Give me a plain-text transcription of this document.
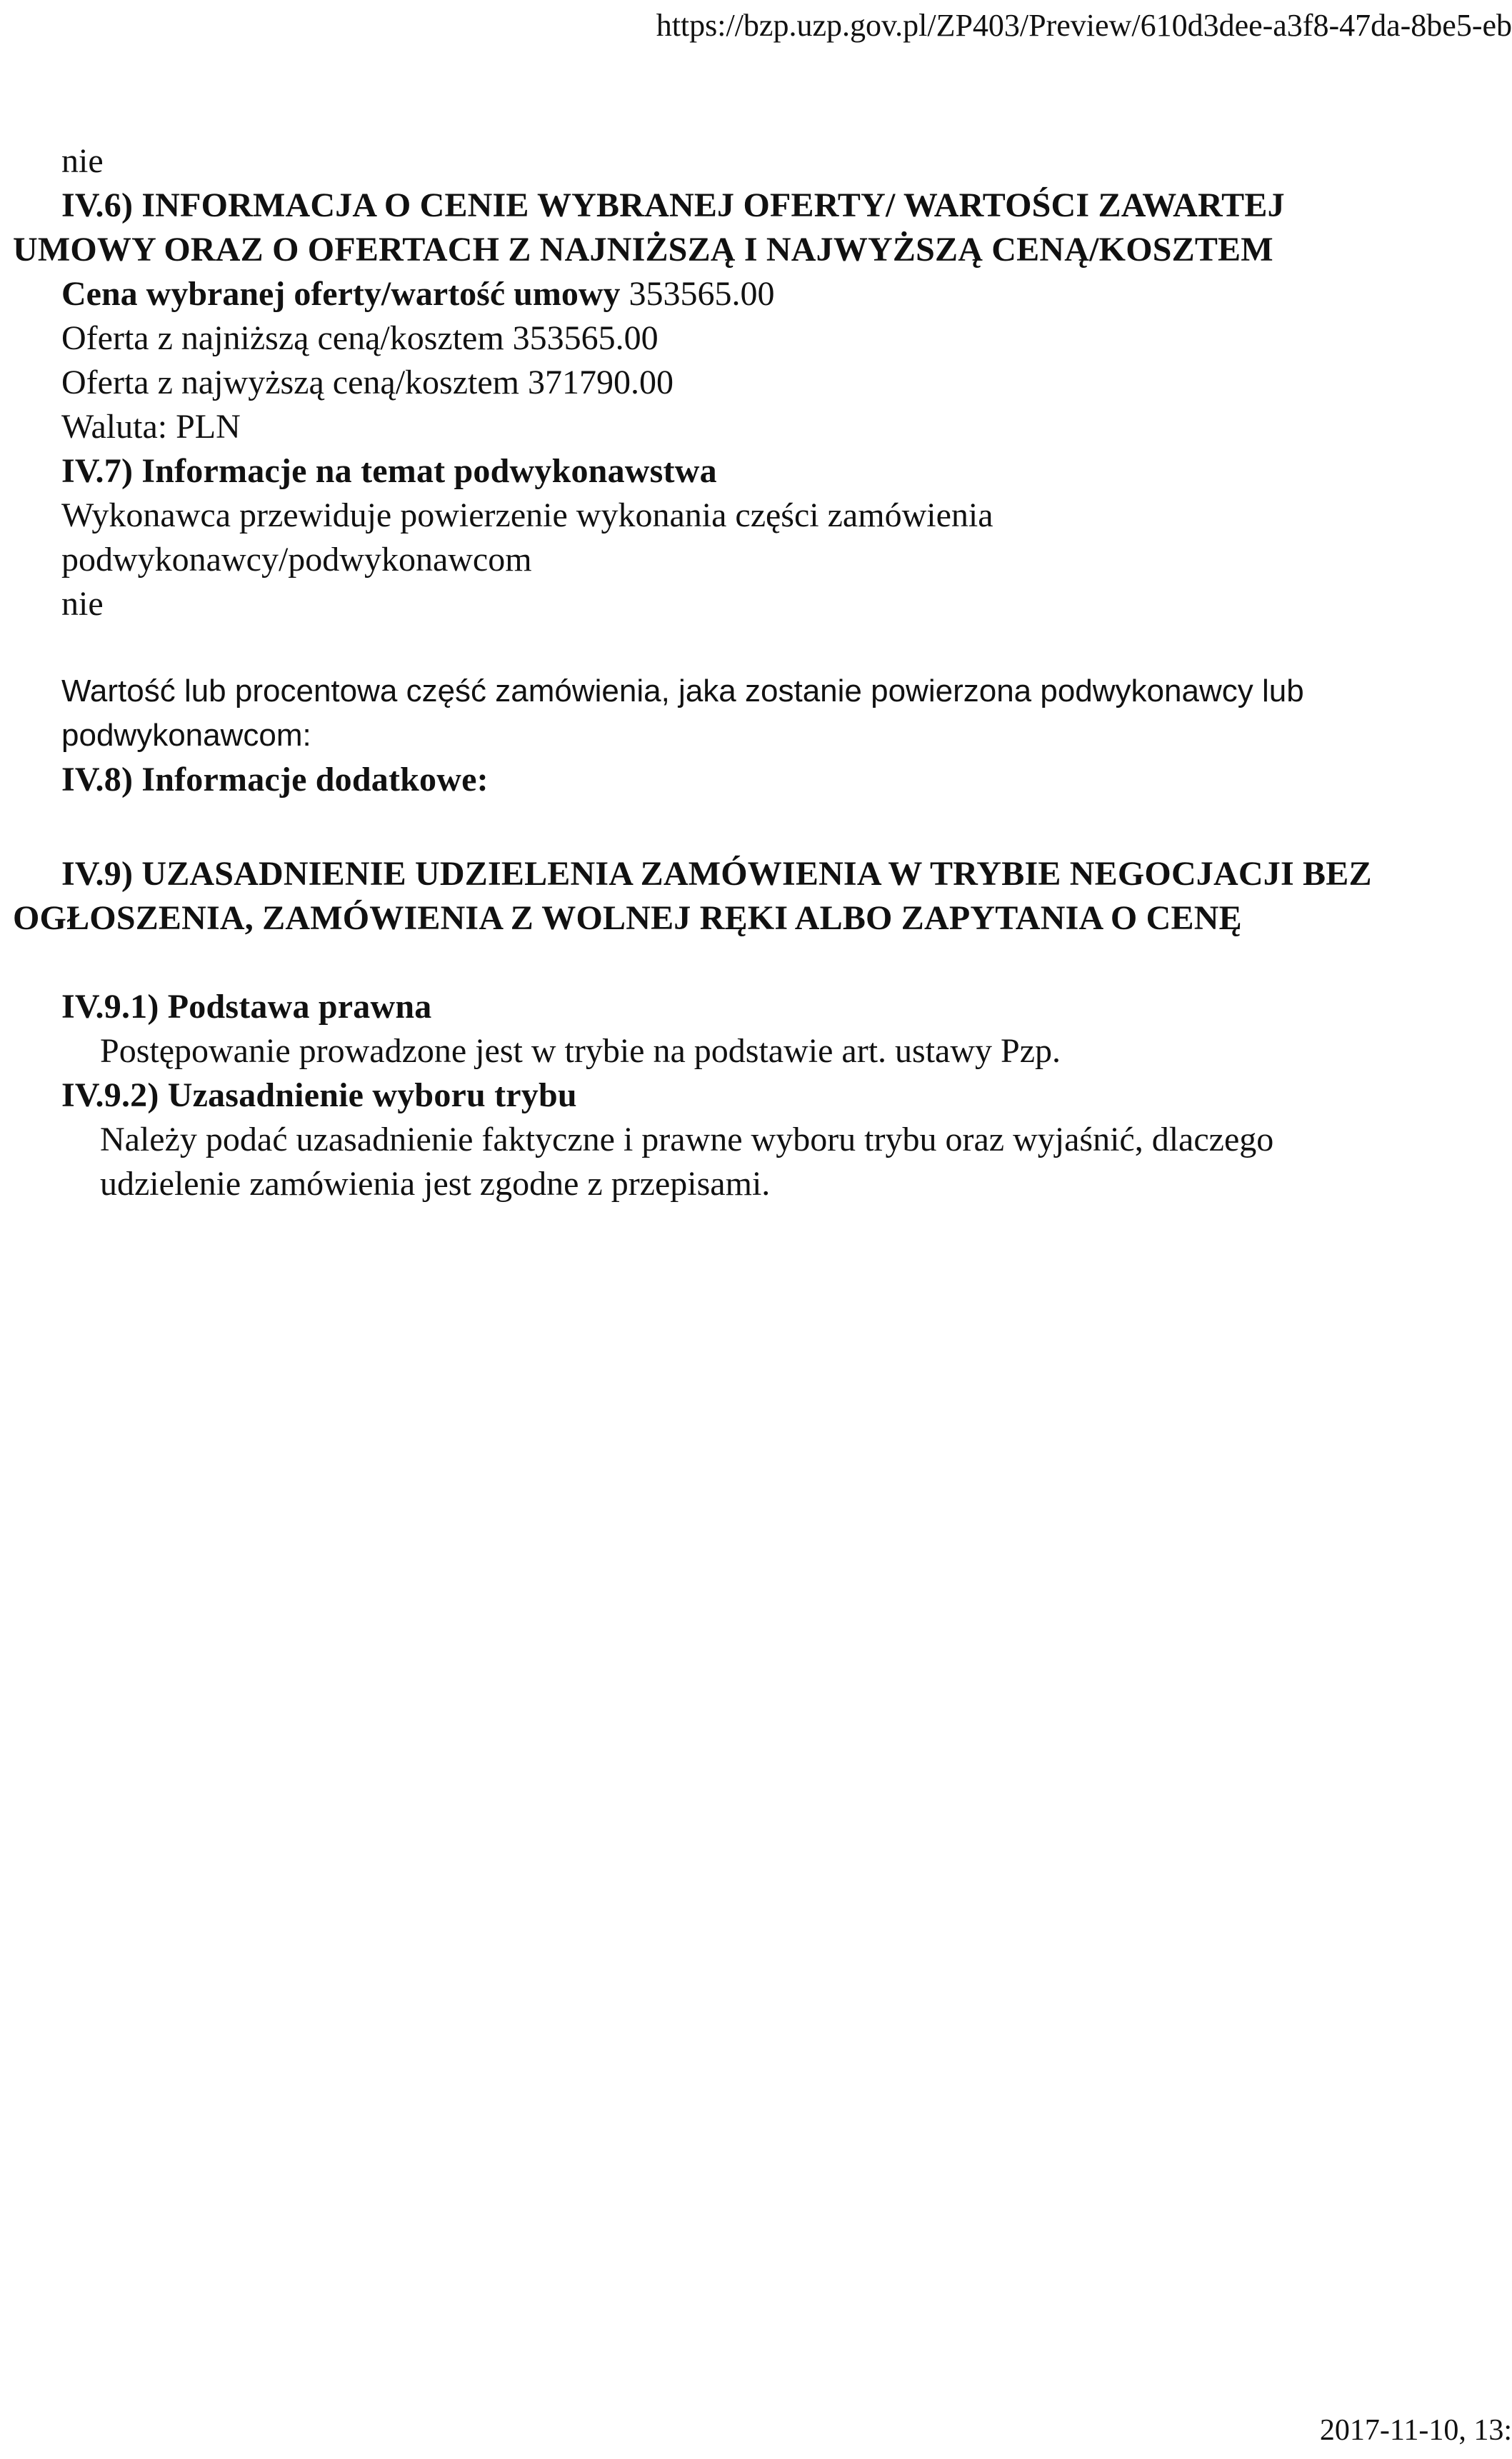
https://bzp.uzp.gov.pl/ZP403/Preview/610d3dee-a3f8-47da-8be5-eb
nie
IV.6) INFORMACJA O CENIE WYBRANEJ OFERTY/ WARTOŚCI ZAWARTEJ
UMOWY ORAZ O OFERTACH Z NAJNIŻSZĄ I NAJWYŻSZĄ CENĄ/KOSZTEM
Cena wybranej oferty/wartość umowy 353565.00
Oferta z najniższą ceną/kosztem 353565.00
Oferta z najwyższą ceną/kosztem 371790.00
Waluta: PLN
IV.7) Informacje na temat podwykonawstwa
Wykonawca przewiduje powierzenie wykonania części zamówienia
podwykonawcy/podwykonawcom
nie
Wartość lub procentowa część zamówienia, jaka zostanie powierzona podwykonawcy lub
podwykonawcom:
IV.8) Informacje dodatkowe:
IV.9) UZASADNIENIE UDZIELENIA ZAMÓWIENIA W TRYBIE NEGOCJACJI BEZ
OGŁOSZENIA, ZAMÓWIENIA Z WOLNEJ RĘKI ALBO ZAPYTANIA O CENĘ
IV.9.1) Podstawa prawna
Postępowanie prowadzone jest w trybie na podstawie art. ustawy Pzp.
IV.9.2) Uzasadnienie wyboru trybu
Należy podać uzasadnienie faktyczne i prawne wyboru trybu oraz wyjaśnić, dlaczego
udzielenie zamówienia jest zgodne z przepisami.
2017-11-10, 13:
